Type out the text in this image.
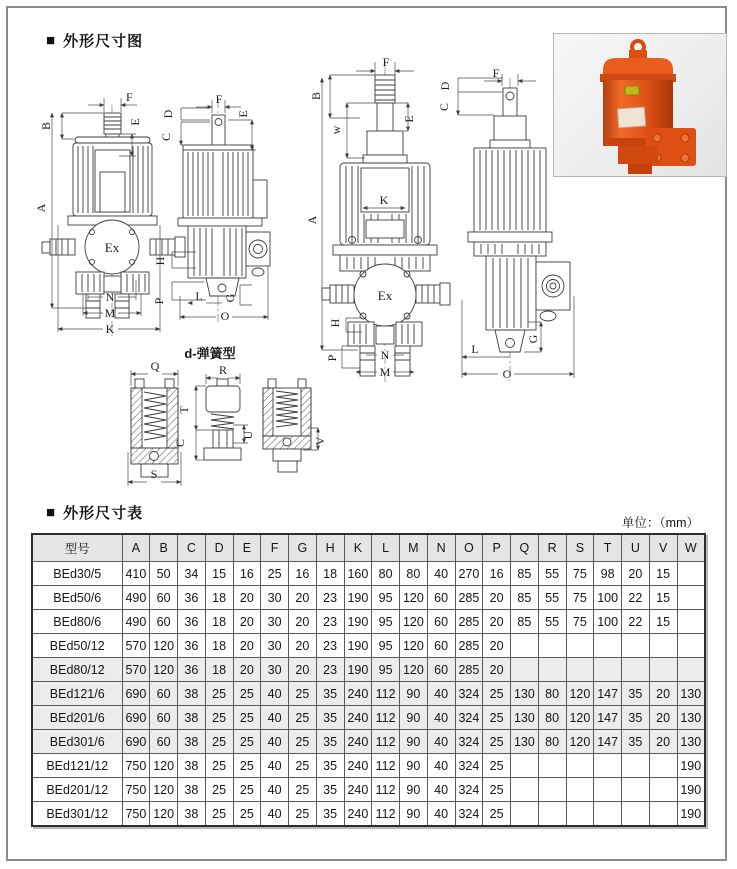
■ 外形尺寸图
Ex
F
B	E
A
N
M
K
F
D
C
E
H
P L G
O
K
Ex
F
B
w
E
A
H
P	N
M
F
D
C
G
L
O
d-弹簧型
Q
S
T
C
U
R
V
■ 外形尺寸表
单位：（mm）
型号	A	B	C	D	E	F	G	H	K	L	M	N	O	P	Q	R	S	T	U	V	W
BEd30/5	410	50	34	15	16	25	16	18	160	80	80	40	270	16	85	55	75	98	20	15	
BEd50/6	490	60	36	18	20	30	20	23	190	95	120	60	285	20	85	55	75	100	22	15	
BEd80/6	490	60	36	18	20	30	20	23	190	95	120	60	285	20	85	55	75	100	22	15	
BEd50/12	570	120	36	18	20	30	20	23	190	95	120	60	285	20							
BEd80/12	570	120	36	18	20	30	20	23	190	95	120	60	285	20							
BEd121/6	690	60	38	25	25	40	25	35	240	112	90	40	324	25	130	80	120	147	35	20	130
BEd201/6	690	60	38	25	25	40	25	35	240	112	90	40	324	25	130	80	120	147	35	20	130
BEd301/6	690	60	38	25	25	40	25	35	240	112	90	40	324	25	130	80	120	147	35	20	130
BEd121/12	750	120	38	25	25	40	25	35	240	112	90	40	324	25							190
BEd201/12	750	120	38	25	25	40	25	35	240	112	90	40	324	25							190
BEd301/12	750	120	38	25	25	40	25	35	240	112	90	40	324	25							190
